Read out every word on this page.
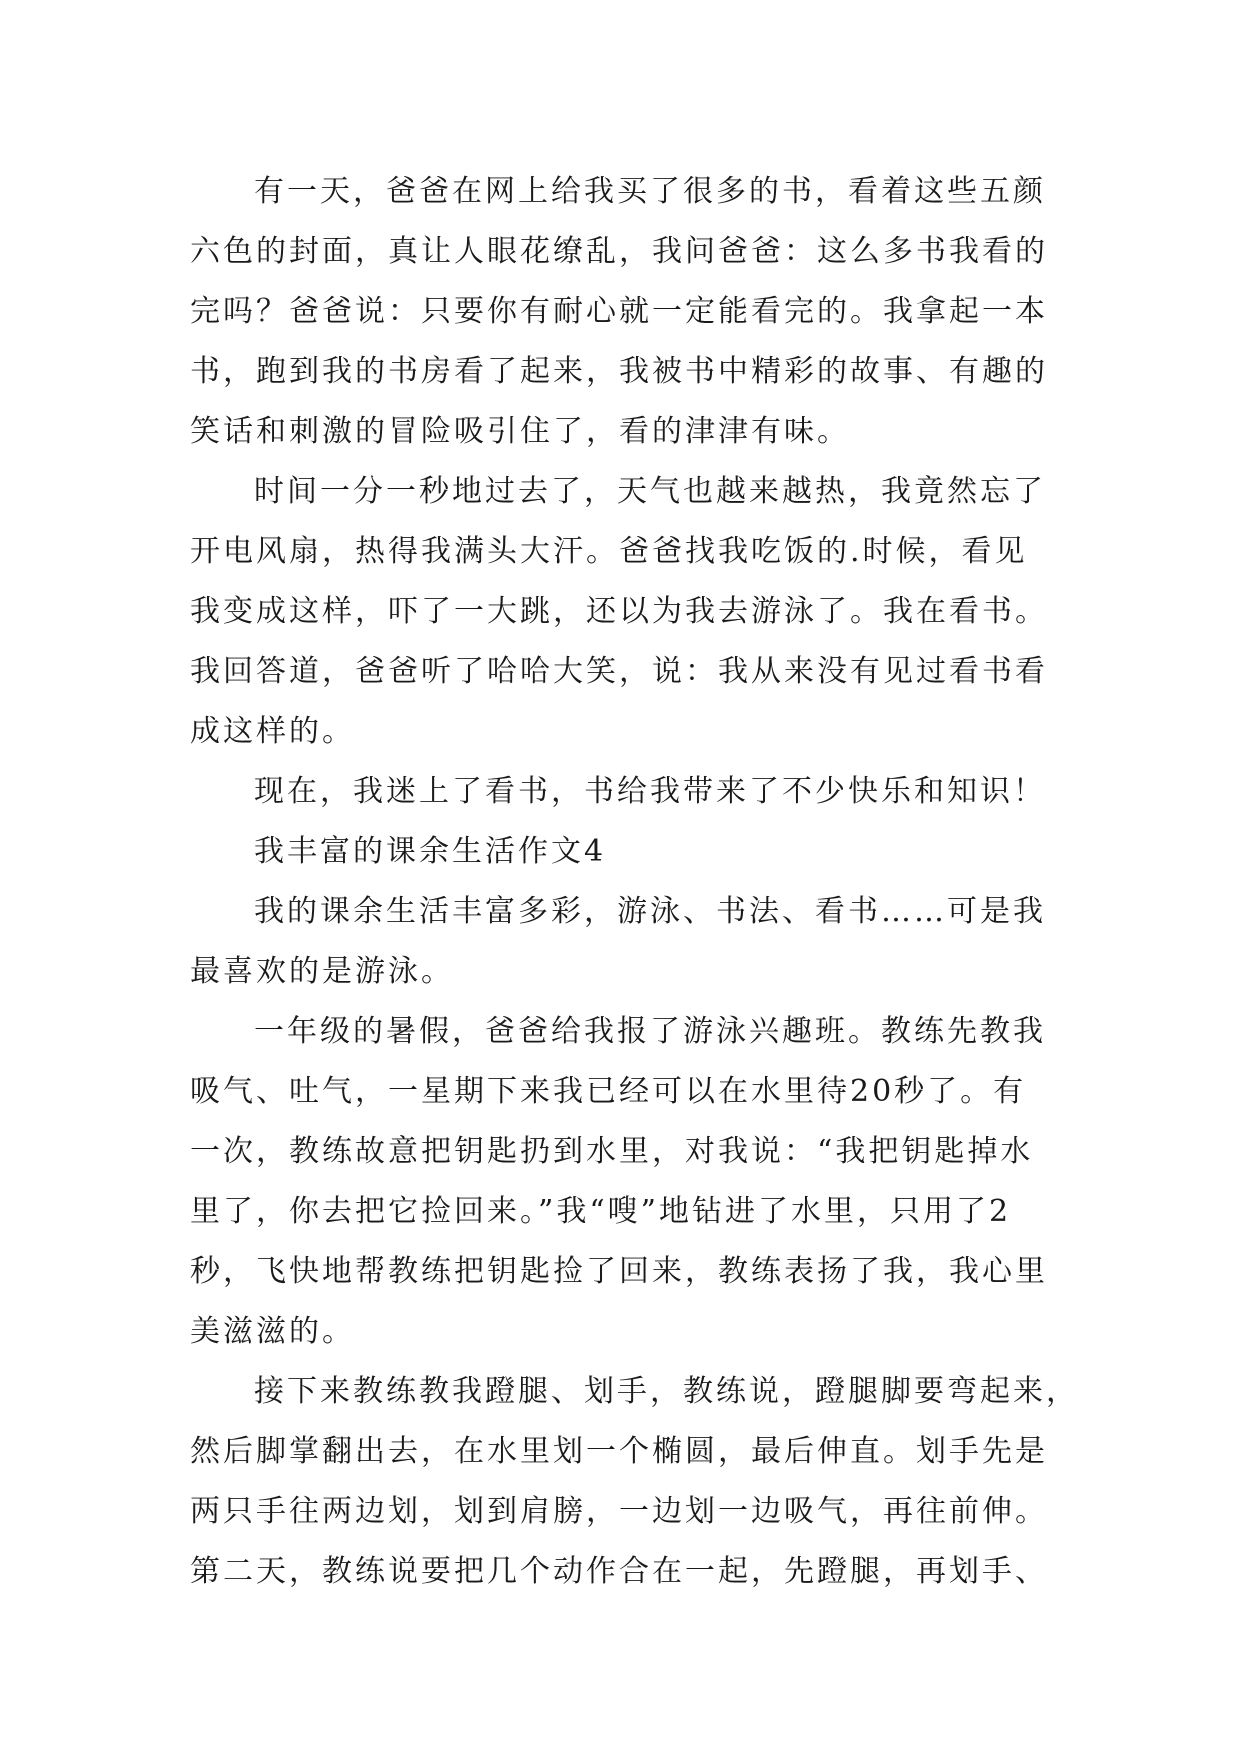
有一天，爸爸在网上给我买了很多的书，看着这些五颜
六色的封面，真让人眼花缭乱，我问爸爸：这么多书我看的
完吗？爸爸说：只要你有耐心就一定能看完的。我拿起一本
书，跑到我的书房看了起来，我被书中精彩的故事、有趣的
笑话和刺激的冒险吸引住了，看的津津有味。
时间一分一秒地过去了，天气也越来越热，我竟然忘了
开电风扇，热得我满头大汗。爸爸找我吃饭的.时候，看见
我变成这样，吓了一大跳，还以为我去游泳了。我在看书。
我回答道，爸爸听了哈哈大笑，说：我从来没有见过看书看
成这样的。
现在，我迷上了看书，书给我带来了不少快乐和知识！
我丰富的课余生活作文4
我的课余生活丰富多彩，游泳、书法、看书……可是我
最喜欢的是游泳。
一年级的暑假，爸爸给我报了游泳兴趣班。教练先教我
吸气、吐气，一星期下来我已经可以在水里待20秒了。有
一次，教练故意把钥匙扔到水里，对我说：“我把钥匙掉水
里了，你去把它捡回来。”我“嗖”地钻进了水里，只用了2
秒，飞快地帮教练把钥匙捡了回来，教练表扬了我，我心里
美滋滋的。
接下来教练教我蹬腿、划手，教练说，蹬腿脚要弯起来，
然后脚掌翻出去，在水里划一个椭圆，最后伸直。划手先是
两只手往两边划，划到肩膀，一边划一边吸气，再往前伸。
第二天，教练说要把几个动作合在一起，先蹬腿，再划手、
